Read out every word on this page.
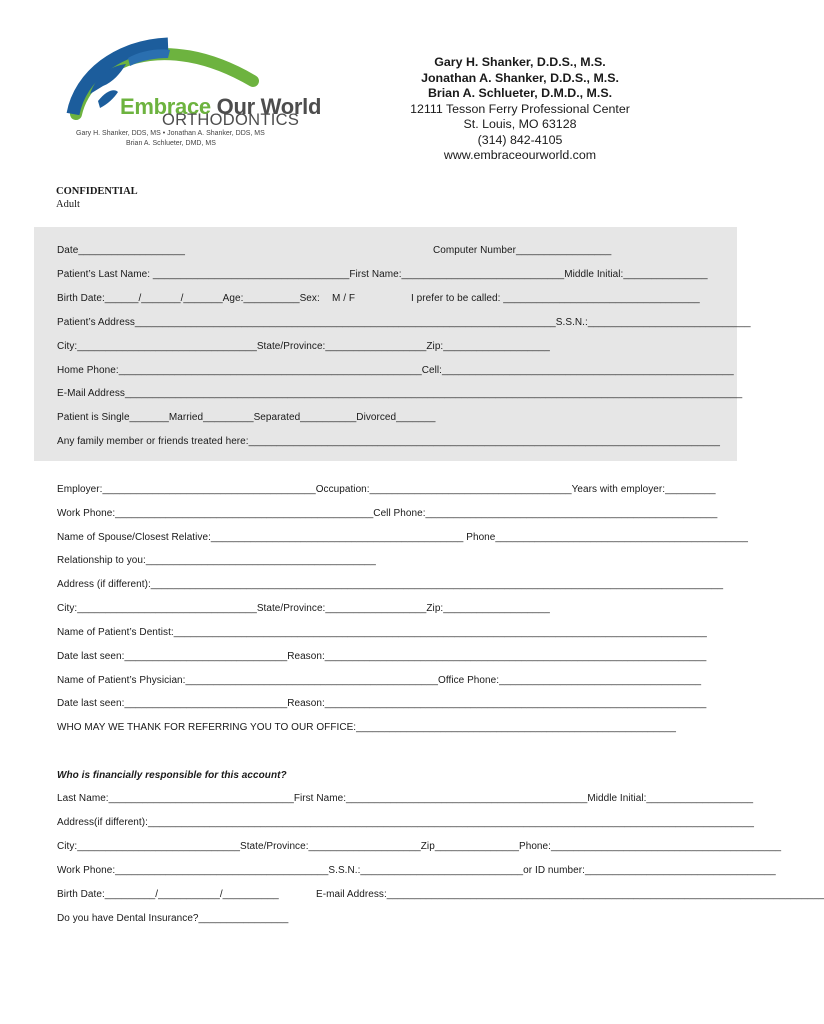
Embrace Our World
ORTHODONTICS
Gary H. Shanker, DDS, MS • Jonathan A. Shanker, DDS, MS
Brian A. Schlueter, DMD, MS
Gary H. Shanker, D.D.S., M.S.
Jonathan A. Shanker, D.D.S., M.S.
Brian A. Schlueter, D.M.D., M.S.
12111 Tesson Ferry Professional Center
St. Louis, MO 63128
(314) 842-4105
www.embraceourworld.com
CONFIDENTIAL
Adult
Date___________________	Computer Number_________________
Patient’s Last Name: ___________________________________First Name:_____________________________Middle Initial:_______________
Birth Date:______/_______/_______Age:__________Sex: M / F	I prefer to be called: ___________________________________
Patient’s Address___________________________________________________________________________S.S.N.:_____________________________
City:________________________________State/Province:__________________Zip:___________________
Home Phone:______________________________________________________Cell:____________________________________________________
E-Mail Address______________________________________________________________________________________________________________
Patient is Single_______Married_________Separated__________Divorced_______
Any family member or friends treated here:____________________________________________________________________________________
Employer:______________________________________Occupation:____________________________________Years with employer:_________
Work Phone:______________________________________________Cell Phone:____________________________________________________
Name of Spouse/Closest Relative:_____________________________________________ Phone_____________________________________________
Relationship to you:_________________________________________
Address (if different):______________________________________________________________________________________________________
City:________________________________State/Province:__________________Zip:___________________
Name of Patient’s Dentist:_______________________________________________________________________________________________
Date last seen:_____________________________Reason:____________________________________________________________________
Name of Patient’s Physician:_____________________________________________Office Phone:____________________________________
Date last seen:_____________________________Reason:____________________________________________________________________
WHO MAY WE THANK FOR REFERRING YOU TO OUR OFFICE:_________________________________________________________
Who is financially responsible for this account?
Last Name:_________________________________First Name:___________________________________________Middle Initial:___________________
Address(if different):____________________________________________________________________________________________________________
City:_____________________________State/Province:____________________Zip_______________Phone:_________________________________________
Work Phone:______________________________________S.S.N.:_____________________________or ID number:__________________________________
Birth Date:_________/___________/__________	E-mail Address:______________________________________________________________________________
Do you have Dental Insurance?________________
